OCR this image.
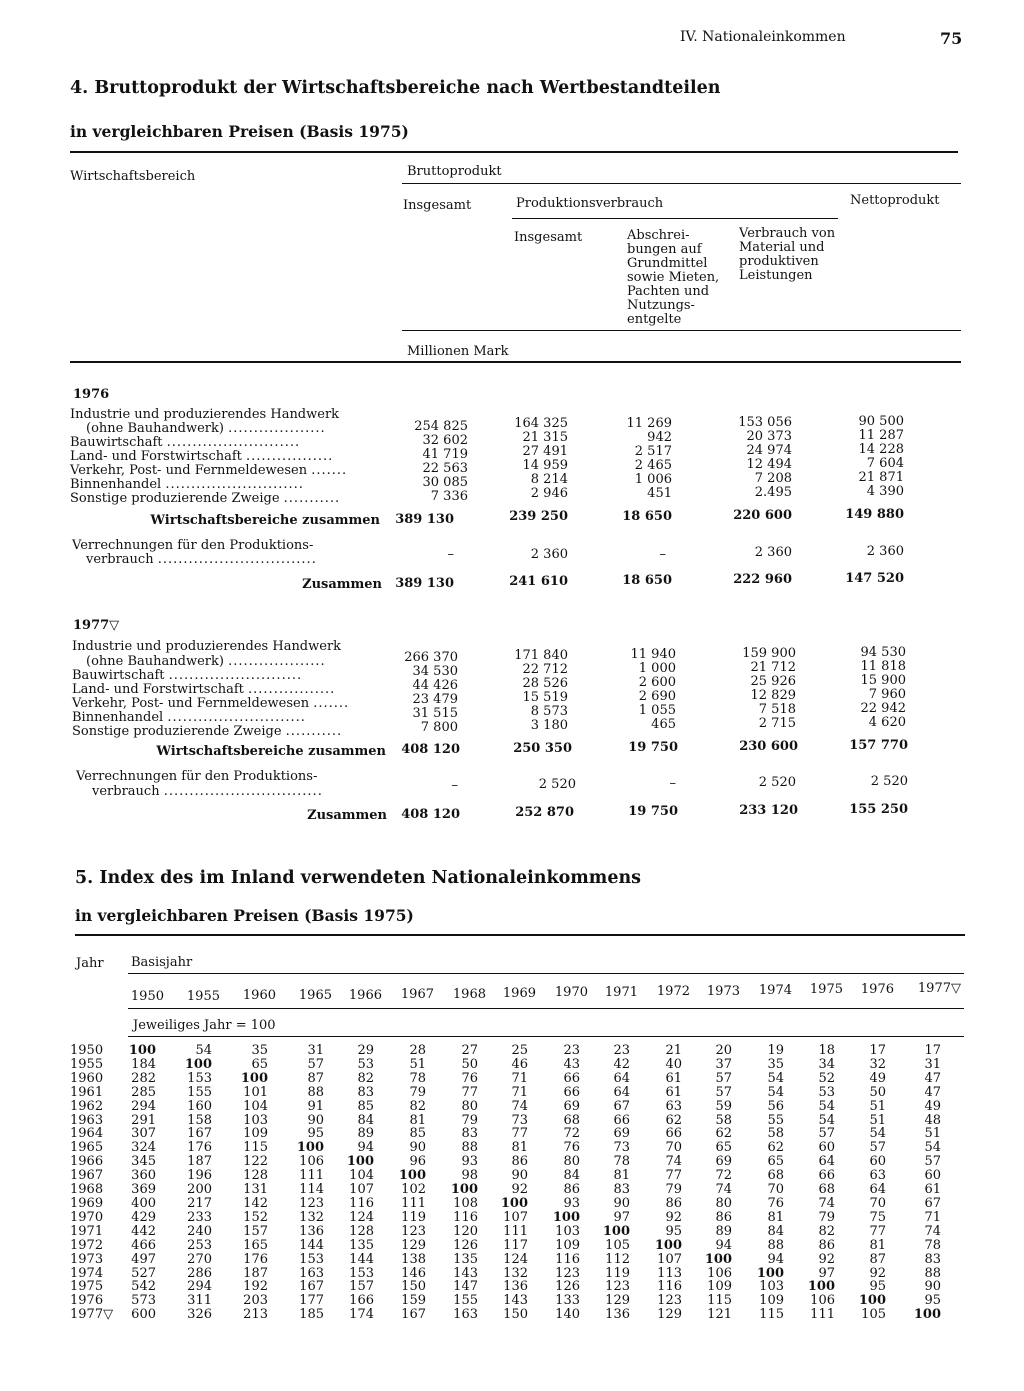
IV. Nationaleinkommen	75
4. Bruttoprodukt der Wirtschaftsbereiche nach Wertbestandteilen
in vergleichbaren Preisen (Basis 1975)
Wirtschaftsbereich	Bruttoprodukt
Insgesamt	Produktionsverbrauch	Nettoprodukt
Insgesamt	Abschrei-
bungen auf
Grundmittel
sowie Mieten,
Pachten und
Nutzungs-
entgelte
Verbrauch von
Material und
produktiven
Leistungen
Millionen Mark
1976
Industrie und produzierendes Handwerk
(ohne Bauhandwerk) ...................	254 825	164 325	11 269	153 056	90 500
Bauwirtschaft ..........................	32 602	21 315	942	20 373	11 287
Land- und Forstwirtschaft .................	41 719	27 491	2 517	24 974	14 228
Verkehr, Post- und Fernmeldewesen .......	22 563	14 959	2 465	12 494	7 604
Binnenhandel ...........................	30 085	8 214	1 006	7 208	21 871
Sonstige produzierende Zweige ...........	7 336	2 946	451	2.495	4 390
Wirtschaftsbereiche zusammen	389 130	239 250	18 650	220 600	149 880
Verrechnungen für den Produktions-
verbrauch ...............................	–	2 360	–	2 360	2 360
Zusammen	389 130	241 610	18 650	222 960	147 520
1977▽
Industrie und produzierendes Handwerk
(ohne Bauhandwerk) ...................	266 370	171 840	11 940	159 900	94 530
Bauwirtschaft ..........................	34 530	22 712	1 000	21 712	11 818
Land- und Forstwirtschaft .................	44 426	28 526	2 600	25 926	15 900
Verkehr, Post- und Fernmeldewesen .......	23 479	15 519	2 690	12 829	7 960
Binnenhandel ...........................	31 515	8 573	1 055	7 518	22 942
Sonstige produzierende Zweige ...........	7 800	3 180	465	2 715	4 620
Wirtschaftsbereiche zusammen	408 120	250 350	19 750	230 600	157 770
Verrechnungen für den Produktions-
verbrauch ...............................	–	2 520	–	2 520	2 520
Zusammen	408 120	252 870	19 750	233 120	155 250
5. Index des im Inland verwendeten Nationaleinkommens
in vergleichbaren Preisen (Basis 1975)
Jahr Basisjahr
1950	1955	1960	1965	1966	1967	1968	1969	1970	1971	1972	1973	1974	1975	1976	1977▽
Jeweiliges Jahr = 100
1950	100	54	35	31	29	28	27	25	23	23	21	20	19	18	17	17
1955	184	100	65	57	53	51	50	46	43	42	40	37	35	34	32	31
1960	282	153	100	87	82	78	76	71	66	64	61	57	54	52	49	47
1961	285	155	101	88	83	79	77	71	66	64	61	57	54	53	50	47
1962	294	160	104	91	85	82	80	74	69	67	63	59	56	54	51	49
1963	291	158	103	90	84	81	79	73	68	66	62	58	55	54	51	48
1964	307	167	109	95	89	85	83	77	72	69	66	62	58	57	54	51
1965	324	176	115	100	94	90	88	81	76	73	70	65	62	60	57	54
1966	345	187	122	106	100	96	93	86	80	78	74	69	65	64	60	57
1967	360	196	128	111	104	100	98	90	84	81	77	72	68	66	63	60
1968	369	200	131	114	107	102	100	92	86	83	79	74	70	68	64	61
1969	400	217	142	123	116	111	108	100	93	90	86	80	76	74	70	67
1970	429	233	152	132	124	119	116	107	100	97	92	86	81	79	75	71
1971	442	240	157	136	128	123	120	111	103	100	95	89	84	82	77	74
1972	466	253	165	144	135	129	126	117	109	105	100	94	88	86	81	78
1973	497	270	176	153	144	138	135	124	116	112	107	100	94	92	87	83
1974	527	286	187	163	153	146	143	132	123	119	113	106	100	97	92	88
1975	542	294	192	167	157	150	147	136	126	123	116	109	103	100	95	90
1976	573	311	203	177	166	159	155	143	133	129	123	115	109	106	100	95
1977▽	600	326	213	185	174	167	163	150	140	136	129	121	115	111	105	100
